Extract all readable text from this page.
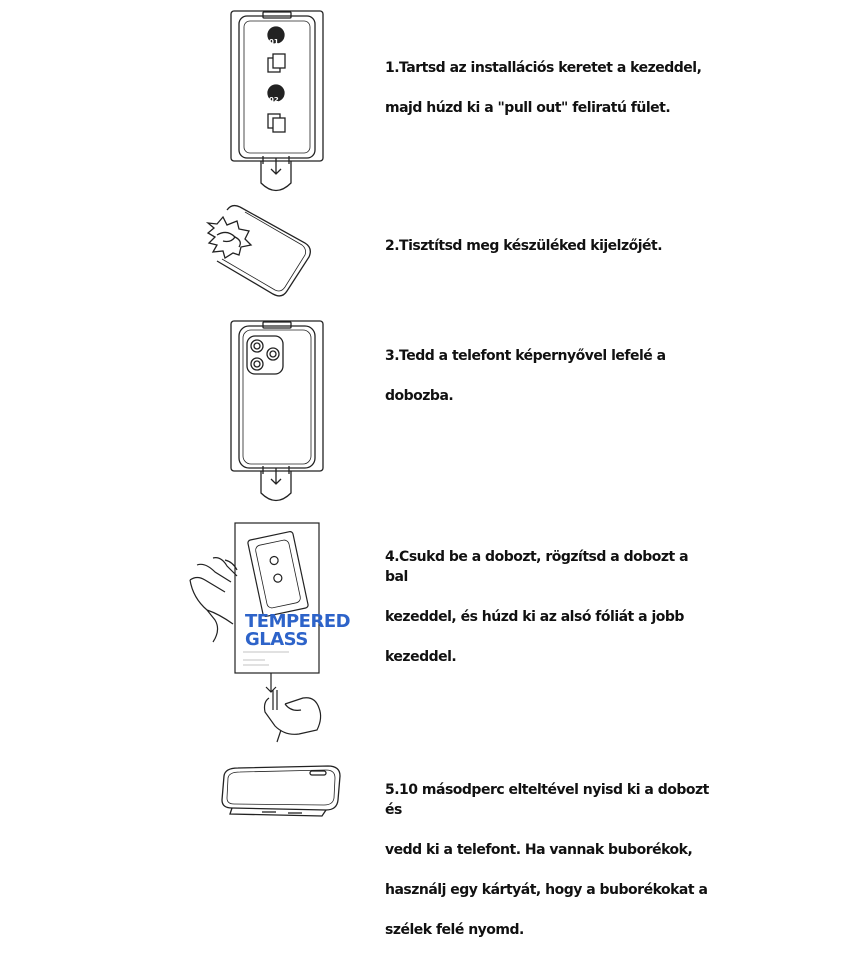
01
02

1.Tartsd az installációs keretet a kezeddel,

majd húzd ki a "pull out" feliratú fület.

2.Tisztítsd meg készüléked kijelzőjét.

3.Tedd a telefont képernyővel lefelé a

dobozba.

TEMPERED
GLASS

4.Csukd be a dobozt, rögzítsd a dobozt a bal

kezeddel, és húzd ki az alsó fóliát a jobb

kezeddel.

5.10 másodperc elteltével nyisd ki a dobozt és

vedd ki a telefont. Ha vannak buborékok,

használj egy kártyát, hogy a buborékokat a

szélek felé nyomd.
